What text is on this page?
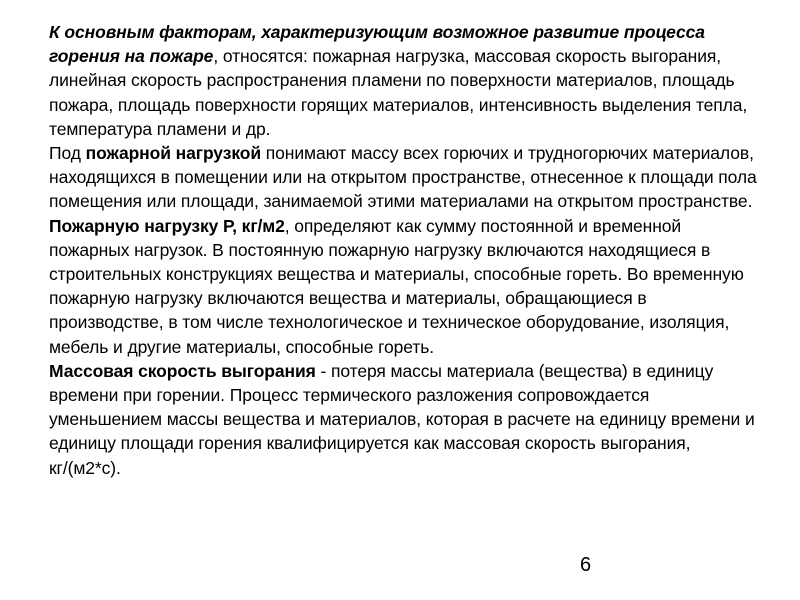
К основным факторам, характеризующим возможное развитие процесса горения на пожаре, относятся: пожарная нагрузка, массовая скорость выгорания, линейная скорость распространения пламени по поверхности материалов, площадь пожара, площадь поверхности горящих материалов, интенсивность выделения тепла, температура пламени и др.

Под пожарной нагрузкой понимают массу всех горючих и трудногорючих материалов, находящихся в помещении или на открытом пространстве, отнесенное к площади пола помещения или площади, занимаемой этими материалами на открытом пространстве.

Пожарную нагрузку Р, кг/м2, определяют как сумму постоянной и временной пожарных нагрузок. В постоянную пожарную нагрузку включаются находящиеся в строительных конструкциях вещества и материалы, способные гореть. Во временную пожарную нагрузку включаются вещества и материалы, обращающиеся в производстве, в том числе технологическое и техническое оборудование, изоляция, мебель и другие материалы, способные гореть.

Массовая скорость выгорания - потеря массы материала (вещества) в единицу времени при горении. Процесс термического разложения сопровождается уменьшением массы вещества и материалов, которая в расчете на единицу времени и единицу площади горения квалифицируется как массовая скорость выгорания, кг/(м2*с).

6
